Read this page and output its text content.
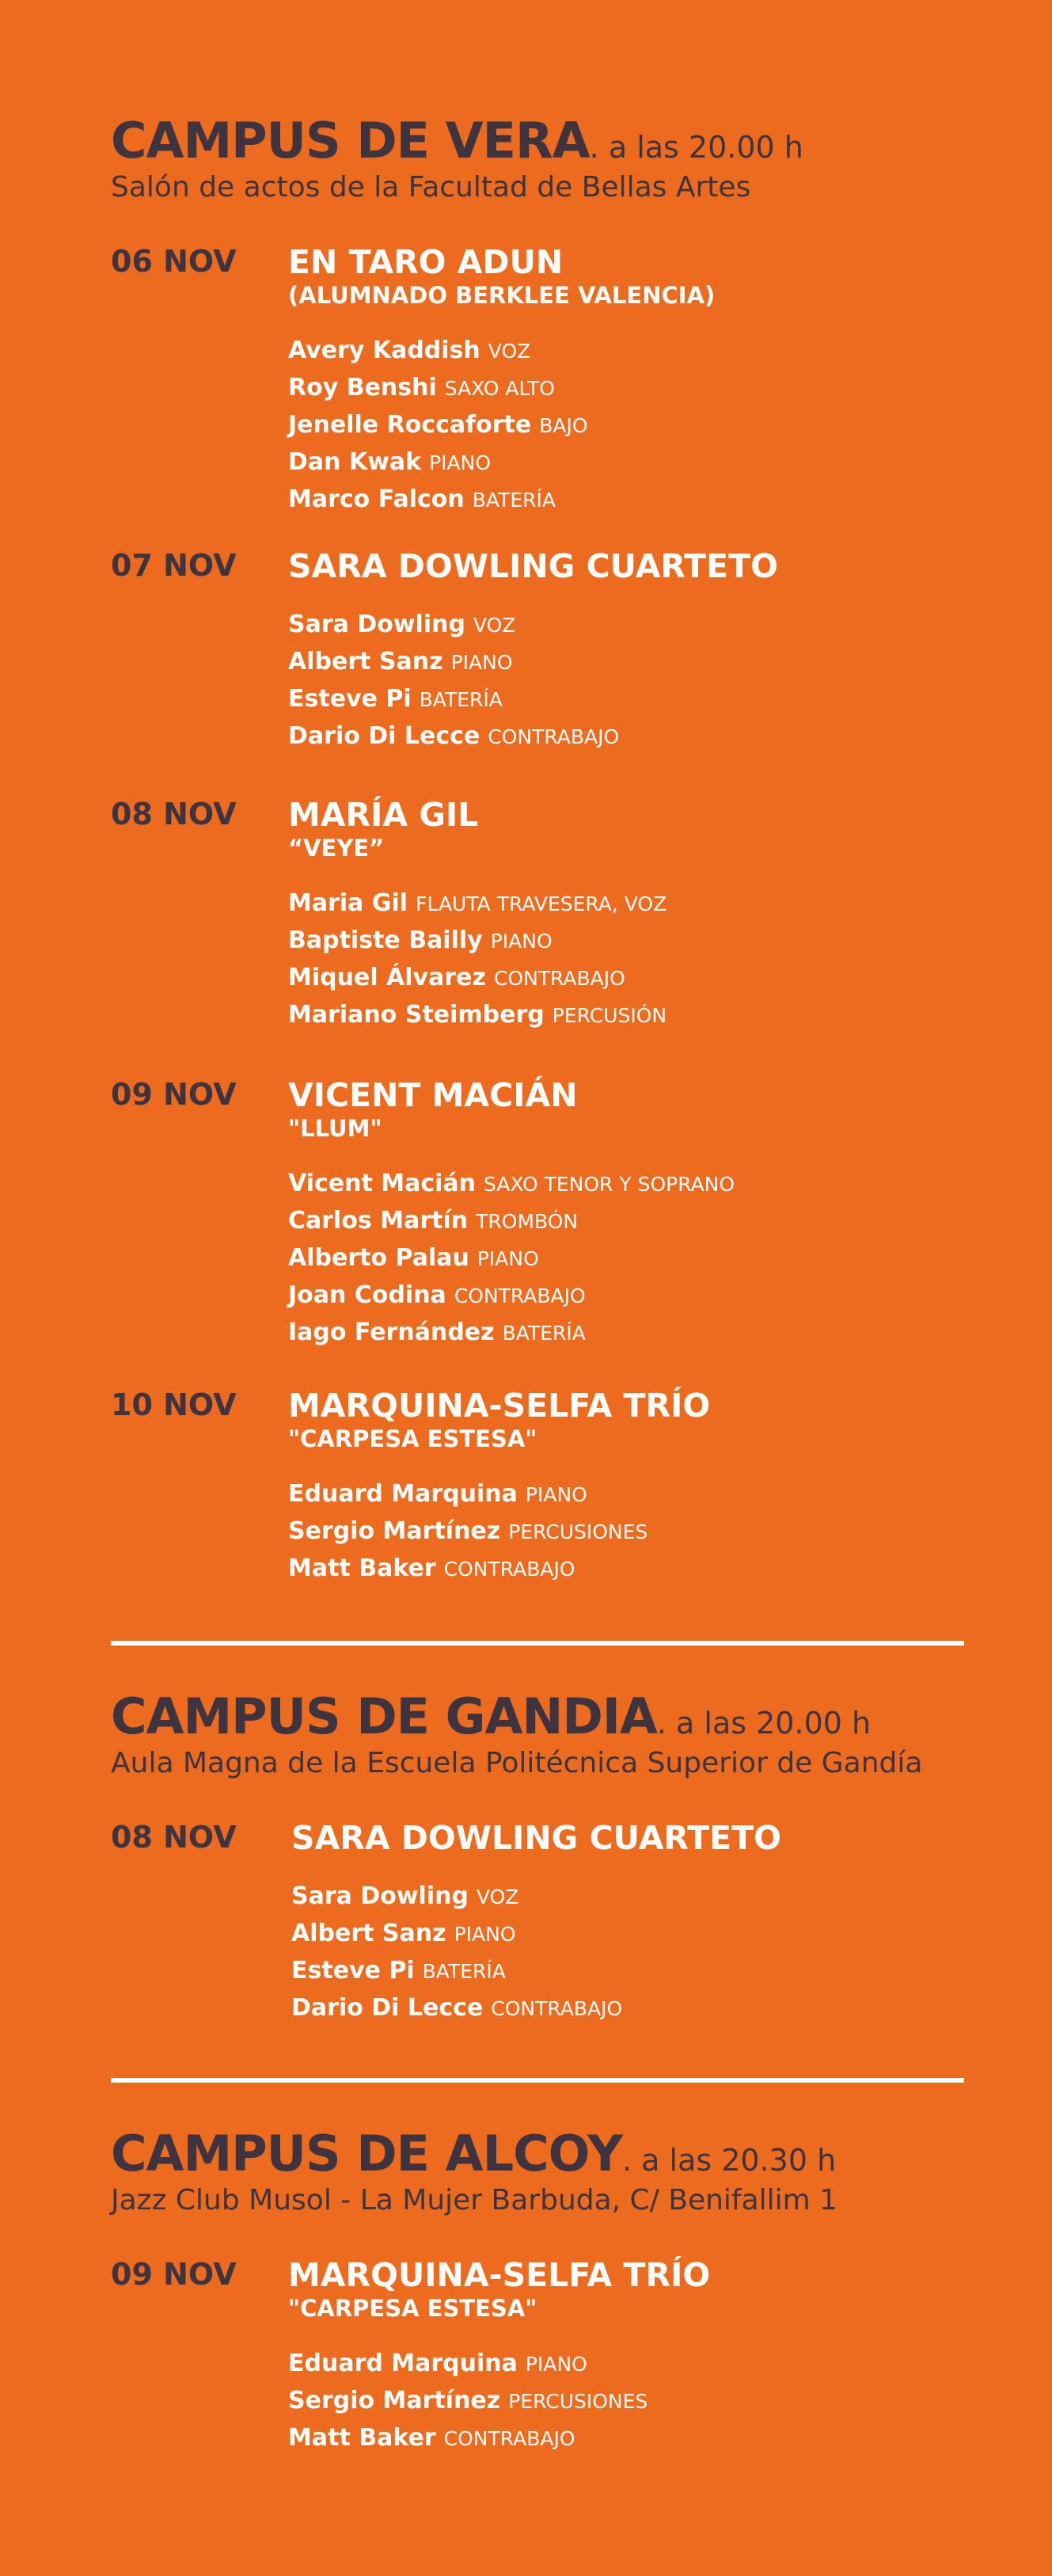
CAMPUS DE VERA. a las 20.00 h
Salón de actos de la Facultad de Bellas Artes
06 NOV EN TARO ADUN
(ALUMNADO BERKLEE VALENCIA)
Avery Kaddish VOZ
Roy Benshi SAXO ALTO
Jenelle Roccaforte BAJO
Dan Kwak PIANO
Marco Falcon BATERÍA
07 NOV SARA DOWLING CUARTETO
Sara Dowling VOZ
Albert Sanz PIANO
Esteve Pi BATERÍA
Dario Di Lecce CONTRABAJO
08 NOV MARÍA GIL
“VEYE”
Maria Gil FLAUTA TRAVESERA, VOZ
Baptiste Bailly PIANO
Miquel Álvarez CONTRABAJO
Mariano Steimberg PERCUSIÓN
09 NOV VICENT MACIÁN
"LLUM"
Vicent Macián SAXO TENOR Y SOPRANO
Carlos Martín TROMBÓN
Alberto Palau PIANO
Joan Codina CONTRABAJO
Iago Fernández BATERÍA
10 NOV MARQUINA-SELFA TRÍO
"CARPESA ESTESA"
Eduard Marquina PIANO
Sergio Martínez PERCUSIONES
Matt Baker CONTRABAJO
CAMPUS DE GANDIA. a las 20.00 h
Aula Magna de la Escuela Politécnica Superior de Gandía
08 NOV SARA DOWLING CUARTETO
Sara Dowling VOZ
Albert Sanz PIANO
Esteve Pi BATERÍA
Dario Di Lecce CONTRABAJO
CAMPUS DE ALCOY. a las 20.30 h
Jazz Club Musol - La Mujer Barbuda, C/ Benifallim 1
09 NOV MARQUINA-SELFA TRÍO
"CARPESA ESTESA"
Eduard Marquina PIANO
Sergio Martínez PERCUSIONES
Matt Baker CONTRABAJO
